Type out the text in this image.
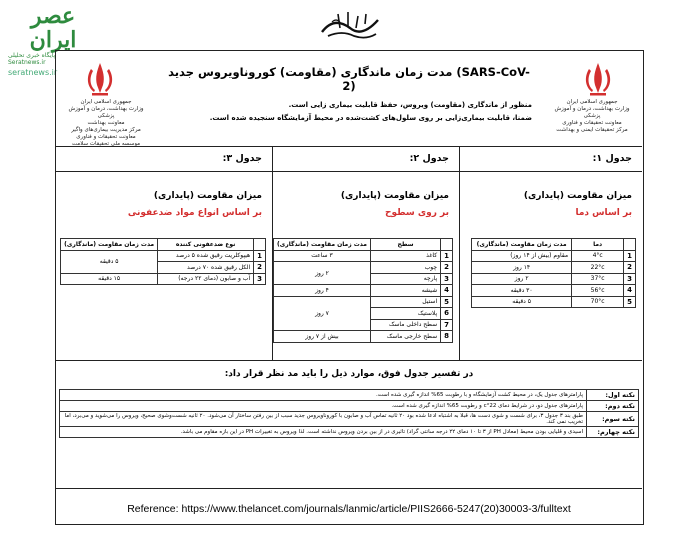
عصر ایران
پایگاه خبری تحلیلی
Seratnews.ir
seratnews.ir
جمهوری اسلامی ایران
وزارت بهداشت، درمان و آموزش پزشکی
معاونت بهداشت
مرکز مدیریت بیماری‌های واگیر
معاونت تحقیقات و فناوری
موسسه ملی تحقیقات سلامت
جمهوری اسلامی ایران
وزارت بهداشت، درمان و آموزش پزشکی
معاونت تحقیقات و فناوری
مرکز تحقیقات ایمنی و بهداشت
مدت زمان ماندگاری (مقاومت) کوروناویروس جدید (SARS-CoV-2)
منظور از ماندگاری (مقاومت) ویروس، حفظ قابلیت بیماری زایی است.
ضمنا، قابلیت بیماری‌زایی بر روی سلول‌های کشت‌شده در محیط آزمایشگاه سنجیده شده است.
جدول ۱:
میزان مقاومت (پایداری)
بر اساس دما
	دما	مدت زمان مقاومت (ماندگاری)
1	4°c	مقاوم (بیش از ۱۴ روز)
2	22°c	۱۴ روز
3	37°c	۲ روز
4	56°c	۳۰ دقیقه
5	70°c	۵ دقیقه
جدول ۲:
میزان مقاومت (پایداری)
بر روی سطوح
	سطح	مدت زمان مقاومت (ماندگاری)
1	کاغذ	۳ ساعت
2	چوب	۲ روز
3	پارچه	
4	شیشه	۴ روز
5	استیل	۷ روز
6	پلاستیک	
7	سطح داخلی ماسک	
8	سطح خارجی ماسک	بیش از ۷ روز
جدول ۳:
میزان مقاومت (پایداری)
بر اساس انواع مواد ضدعفونی
	نوع ضدعفونی کننده	مدت زمان مقاومت (ماندگاری)
1	هیپوکلریت رقیق شده ۵ درصد	۵ دقیقه
2	الکل رقیق شده ۷۰ درصد	
3	آب و صابون (دمای ۲۲ درجه)	۱۵ دقیقه
در تفسیر جدول فوق، موارد ذیل را باید مد نظر قرار داد:
نکته اول:	پارامترهای جدول یک، در محیط کشت آزمایشگاه و با رطوبت 65% اندازه گیری شده است.
نکته دوم:	پارامترهای جدول دو، در شرایط دمای 22°c و رطوبت 65% اندازه گیری شده است.
نکته سوم:	طبق بند ۳ جدول ۳، برای شست و شوی دست ها، قبلا به اشتباه ادعا شده بود ۲۰ ثانیه تماس آب و صابون با کوروناویروس جدید سبب از بین رفتن ساختار آن می‌شود. ۲۰ ثانیه شست‌وشوی صحیح، ویروس را می‌شوید و می‌برد، اما تخریب نمی کند.
نکته چهارم:	اسیدی و قلیایی بودن محیط (معادل PH از ۳ تا ۱۰ دمای ۲۲ درجه سانتی گراد) تاثیری در از بین بردن ویروس نداشته است. لذا ویروس به تغییرات PH در این بازه مقاوم می باشد.
Reference: https://www.thelancet.com/journals/lanmic/article/PIIS2666-5247(20)30003-3/fulltext
